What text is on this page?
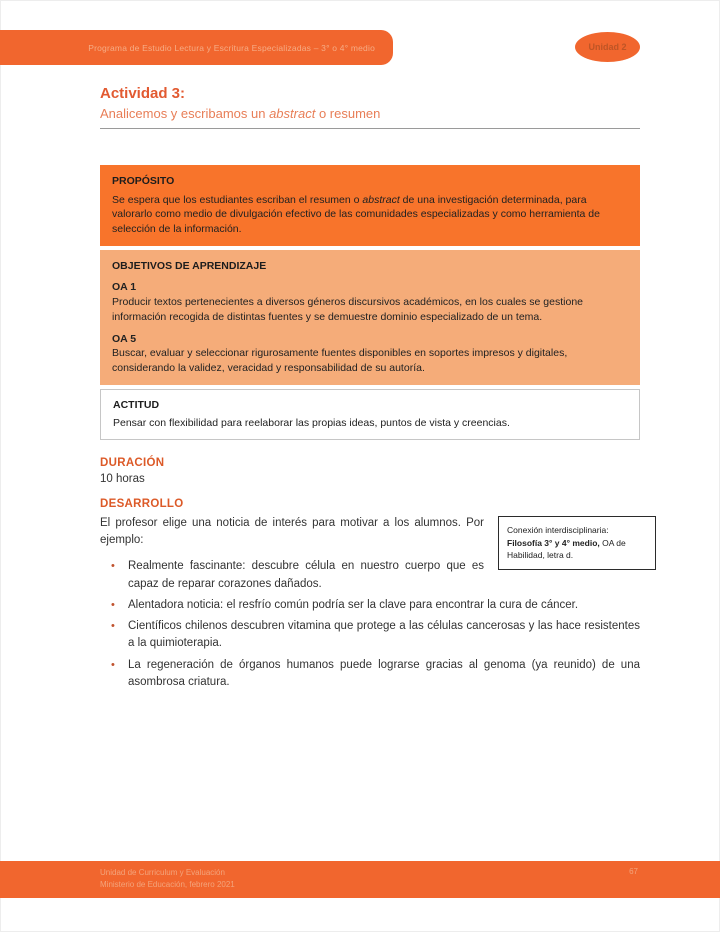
Programa de Estudio Lectura y Escritura Especializadas – 3° o 4° medio	Unidad 2
Actividad 3:
Analicemos y escribamos un abstract o resumen
PROPÓSITO

Se espera que los estudiantes escriban el resumen o abstract de una investigación determinada, para valorarlo como medio de divulgación efectivo de las comunidades especializadas y como herramienta de selección de la información.

OBJETIVOS DE APRENDIZAJE

OA 1

Producir textos pertenecientes a diversos géneros discursivos académicos, en los cuales se gestione información recogida de distintas fuentes y se demuestre dominio especializado de un tema.

OA 5

Buscar, evaluar y seleccionar rigurosamente fuentes disponibles en soportes impresos y digitales, considerando la validez, veracidad y responsabilidad de su autoría.

ACTITUD

Pensar con flexibilidad para reelaborar las propias ideas, puntos de vista y creencias.

DURACIÓN

10 horas

DESARROLLO
Conexión interdisciplinaria:
Filosofía 3° y 4° medio, OA de Habilidad, letra d.

El profesor elige una noticia de interés para motivar a los alumnos. Por ejemplo:

• Realmente fascinante: descubre célula en nuestro cuerpo que es capaz de reparar corazones dañados.
• Alentadora noticia: el resfrío común podría ser la clave para encontrar la cura de cáncer.
• Científicos chilenos descubren vitamina que protege a las células cancerosas y las hace resistentes a la quimioterapia.
• La regeneración de órganos humanos puede lograrse gracias al genoma (ya reunido) de una asombrosa criatura.
Unidad de Curriculum y Evaluación
Ministerio de Educación, febrero 2021
67
